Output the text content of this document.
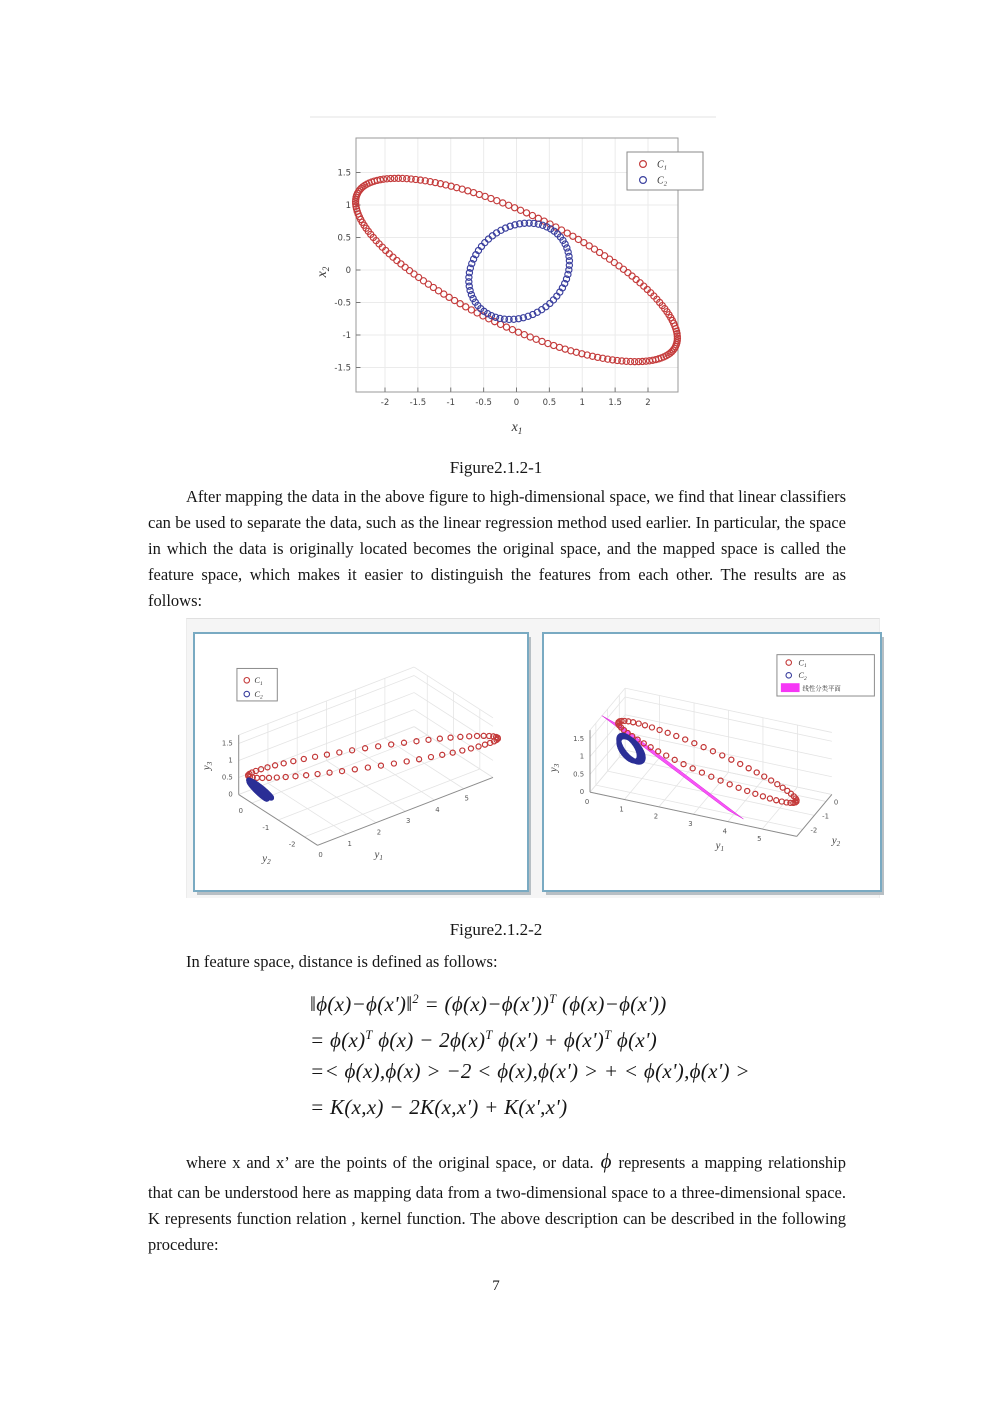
-2 -1.5 -1 -0.5	0	0.5	1	1.5	2
-1.5
-1
-0.5
0
0.5
1
1.5
$x_1$
$x_2$
$C_1$
$C_2$
Figure2.1.2-1
After mapping the data in the above figure to high-dimensional space, we find that linear classifiers can be used to separate the data, such as the linear regression method used earlier. In particular, the space in which the data is originally located becomes the original space, and the mapped space is called the feature space, which makes it easier to distinguish the features from each other. The results are as follows:
0
1
2
3
4
5
0
-1
-2
0
0.5
1
1.5
$y_1$
$y_2$
$y_3$
$C_1$
$C_2$
0
1
2
3
4
5
0
-1
-2
0
0.5
1
1.5
$y_1$
$y_2$
$y_3$
$C_1$
$C_2$
线性分类平面
Figure2.1.2-2
In feature space, distance is defined as follows:
‖ϕ(x)−ϕ(x')‖$^2$ = $(\phi(x)-\phi(x'))^T$ (ϕ(x)−ϕ(x'))
= $\phi(x)^T$ $\phi(x) - 2\phi(x)^T$ $\phi(x') + \phi(x')^T$ ϕ(x')
=< ϕ(x),ϕ(x) > −2 < ϕ(x),ϕ(x') > + < ϕ(x'),ϕ(x') >
= K(x,x) − 2K(x,x') + K(x',x')
where x and x’ are the points of the original space, or data. ϕ represents a mapping relationship that can be understood here as mapping data from a two-dimensional space to a three-dimensional space. K represents function relation , kernel function. The above description can be described in the following procedure:
7
